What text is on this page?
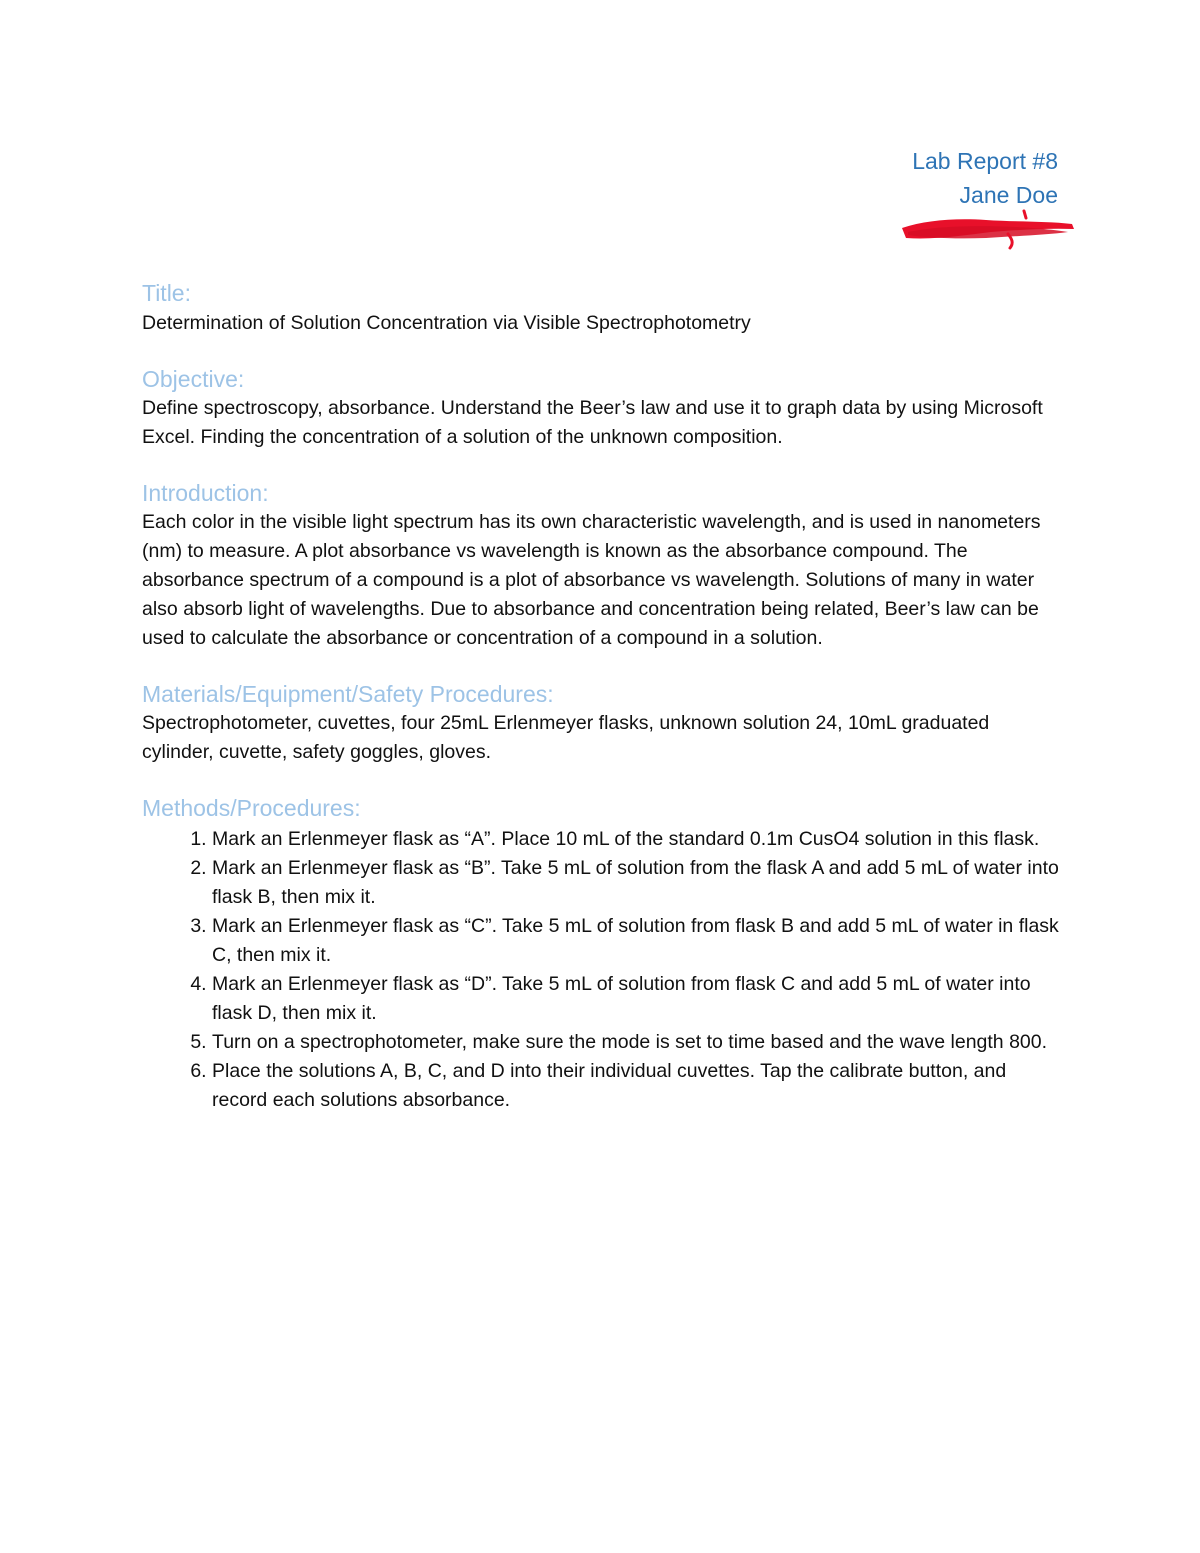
Lab Report #8
Jane Doe

Title:

Determination of Solution Concentration via Visible Spectrophotometry

Objective:

Define spectroscopy, absorbance. Understand the Beer’s law and use it to graph data by using Microsoft Excel. Finding the concentration of a solution of the unknown composition.

Introduction:

Each color in the visible light spectrum has its own characteristic wavelength, and is used in nanometers (nm) to measure. A plot absorbance vs wavelength is known as the absorbance compound. The absorbance spectrum of a compound is a plot of absorbance vs wavelength. Solutions of many in water also absorb light of wavelengths. Due to absorbance and concentration being related, Beer’s law can be used to calculate the absorbance or concentration of a compound in a solution.

Materials/Equipment/Safety Procedures:

Spectrophotometer, cuvettes, four 25mL Erlenmeyer flasks, unknown solution 24, 10mL graduated cylinder, cuvette, safety goggles, gloves.

Methods/Procedures:

1. Mark an Erlenmeyer flask as “A”. Place 10 mL of the standard 0.1m CusO4 solution in this flask.
2. Mark an Erlenmeyer flask as “B”. Take 5 mL of solution from the flask A and add 5 mL of water into flask B, then mix it.
3. Mark an Erlenmeyer flask as “C”. Take 5 mL of solution from flask B and add 5 mL of water in flask C, then mix it.
4. Mark an Erlenmeyer flask as “D”. Take 5 mL of solution from flask C and add 5 mL of water into flask D, then mix it.
5. Turn on a spectrophotometer, make sure the mode is set to time based and the wave length 800.
6. Place the solutions A, B, C, and D into their individual cuvettes. Tap the calibrate button, and record each solutions absorbance.
